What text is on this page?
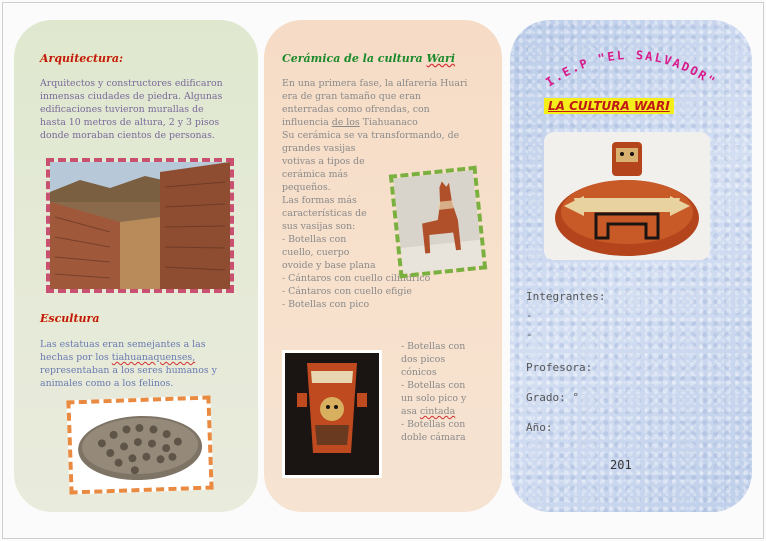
Arquitectura:
Arquitectos y constructores edificaron
inmensas ciudades de piedra. Algunas
edificaciones tuvieron murallas de
hasta 10 metros de altura, 2 y 3 pisos
donde moraban cientos de personas.
Escultura
Las estatuas eran semejantes a las
hechas por los tiahuanaquenses,
representaban a los seres humanos y
animales como a los felinos.
Cerámica de la cultura Wari
En una primera fase, la alfarería Huari
era de gran tamaño que eran
enterradas como ofrendas, con
influencia de los Tiahuanaco
Su cerámica se va transformando, de
grandes vasijas
votivas a tipos de
cerámica más
pequeños.
Las formas más
características de
sus vasijas son:
- Botellas con
cuello, cuerpo
ovoide y base plana
- Cántaros con cuello cilíndrico
- Cántaros con cuello efigie
- Botellas con pico
- Botellas con
dos picos
cónicos
- Botellas con
un solo pico y
asa cintada
- Botellas con
doble cámara
I.E.P "EL SALVADOR"
LA CULTURA WARI
Integrantes:
-
-
Profesora:
Grado: °
Año:
201
